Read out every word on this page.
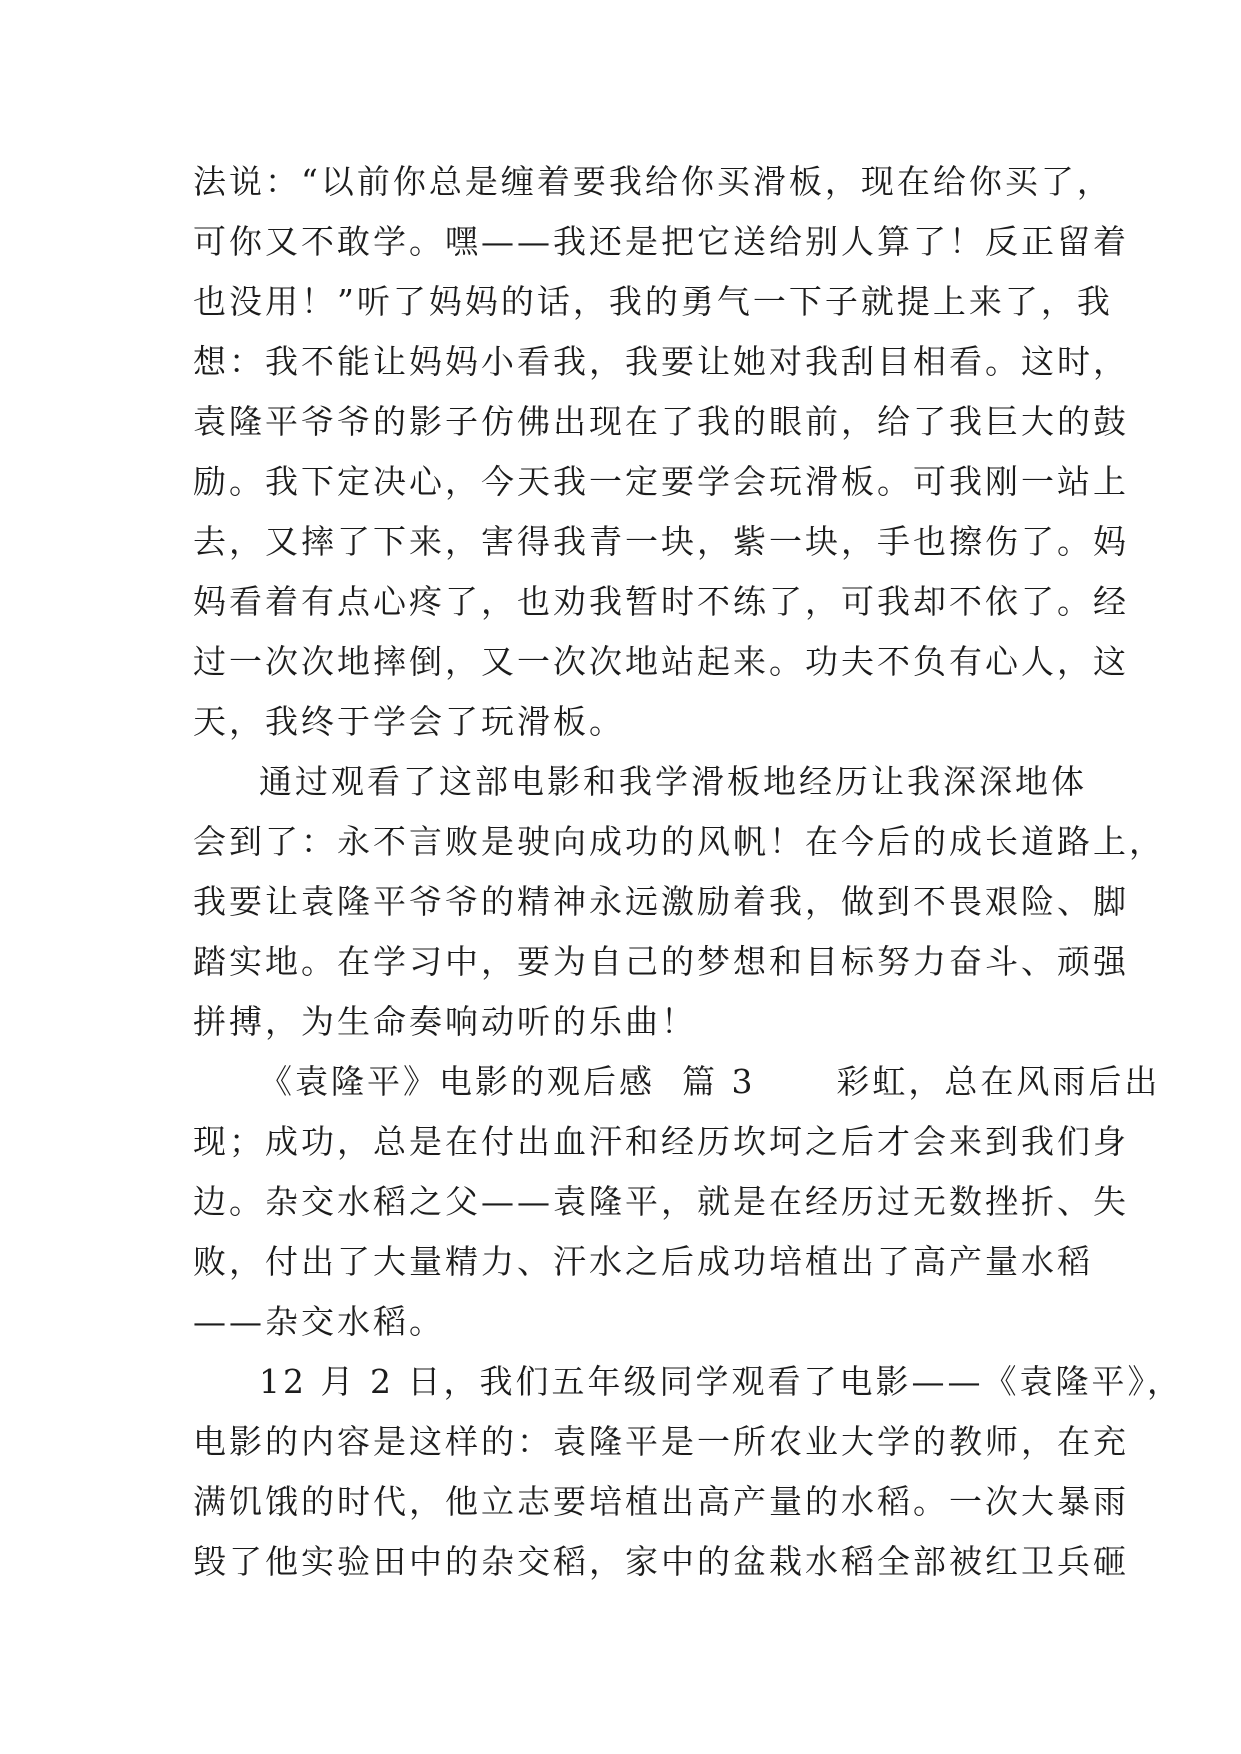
法说：“以前你总是缠着要我给你买滑板，现在给你买了，
可你又不敢学。嘿——我还是把它送给别人算了！反正留着
也没用！”听了妈妈的话，我的勇气一下子就提上来了，我
想：我不能让妈妈小看我，我要让她对我刮目相看。这时，
袁隆平爷爷的影子仿佛出现在了我的眼前，给了我巨大的鼓
励。我下定决心，今天我一定要学会玩滑板。可我刚一站上
去，又摔了下来，害得我青一块，紫一块，手也擦伤了。妈
妈看着有点心疼了，也劝我暂时不练了，可我却不依了。经
过一次次地摔倒，又一次次地站起来。功夫不负有心人，这
天，我终于学会了玩滑板。
通过观看了这部电影和我学滑板地经历让我深深地体
会到了：永不言败是驶向成功的风帆！在今后的成长道路上，
我要让袁隆平爷爷的精神永远激励着我，做到不畏艰险、脚
踏实地。在学习中，要为自己的梦想和目标努力奋斗、顽强
拼搏，为生命奏响动听的乐曲！
《袁隆平》电影的观后感  篇 3      彩虹，总在风雨后出
现；成功，总是在付出血汗和经历坎坷之后才会来到我们身
边。杂交水稻之父——袁隆平，就是在经历过无数挫折、失
败，付出了大量精力、汗水之后成功培植出了高产量水稻
——杂交水稻。
12 月 2 日，我们五年级同学观看了电影——《袁隆平》，
电影的内容是这样的：袁隆平是一所农业大学的教师，在充
满饥饿的时代，他立志要培植出高产量的水稻。一次大暴雨
毁了他实验田中的杂交稻，家中的盆栽水稻全部被红卫兵砸
